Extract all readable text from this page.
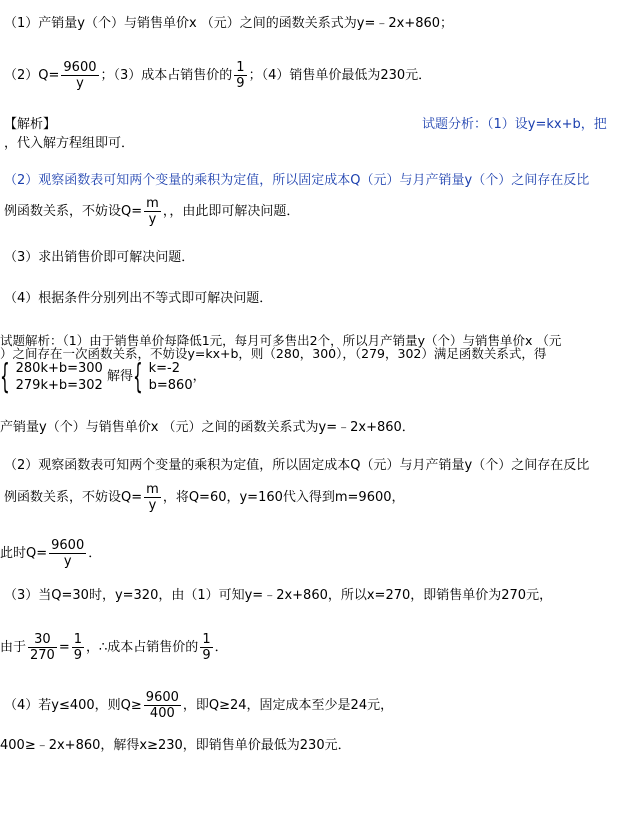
（1）产销量y（个）与销售单价x （元）之间的函数关系式为y=﹣2x+860；
$(2)Q= \frac{9600}{y}$ ；（3）成本占销售价的 $\frac{1}{9}$ ；（4）销售单价最低为230元．
【解析】	试题分析：（1）设y=kx+b，把
，代入解方程组即可．
（2）观察函数表可知两个变量的乘积为定值，所以固定成本Q（元）与月产销量y（个）之间存在反比
例函数关系，不妨设$Q= \frac{m}{y}$ ，，由此即可解决问题．
（3）求出销售价即可解决问题．
（4）根据条件分别列出不等式即可解决问题．
试题解析：（1）由于销售单价每降低1元，每月可多售出2个，所以月产销量y（个）与销售单价x （元
）之间存在一次函数关系，不妨设y=kx+b，则（280，300），（279，302）满足函数关系式，得
{ 280k+b=300
279k+b=302
解得{ k=-2
b=860
，
产销量y（个）与销售单价x （元）之间的函数关系式为y=﹣2x+860．
（2）观察函数表可知两个变量的乘积为定值，所以固定成本Q（元）与月产销量y（个）之间存在反比
例函数关系，不妨设$Q= \frac{m}{y}$ ，将Q=60，y=160代入得到m=9600，
此时$Q= \frac{9600}{y}$ ．
（3）当Q=30时，y=320，由（1）可知y=﹣2x+860，所以x=270，即销售单价为270元，
由于 $\frac{30}{270} = \frac{1}{9}$ ，∴成本占销售价的 $\frac{1}{9}$ ．
（4）若y≤400，则$Q\ge \frac{9600}{400}$ ，即Q≥24，固定成本至少是24元，
400≥﹣2x+860，解得x≥230，即销售单价最低为230元．
